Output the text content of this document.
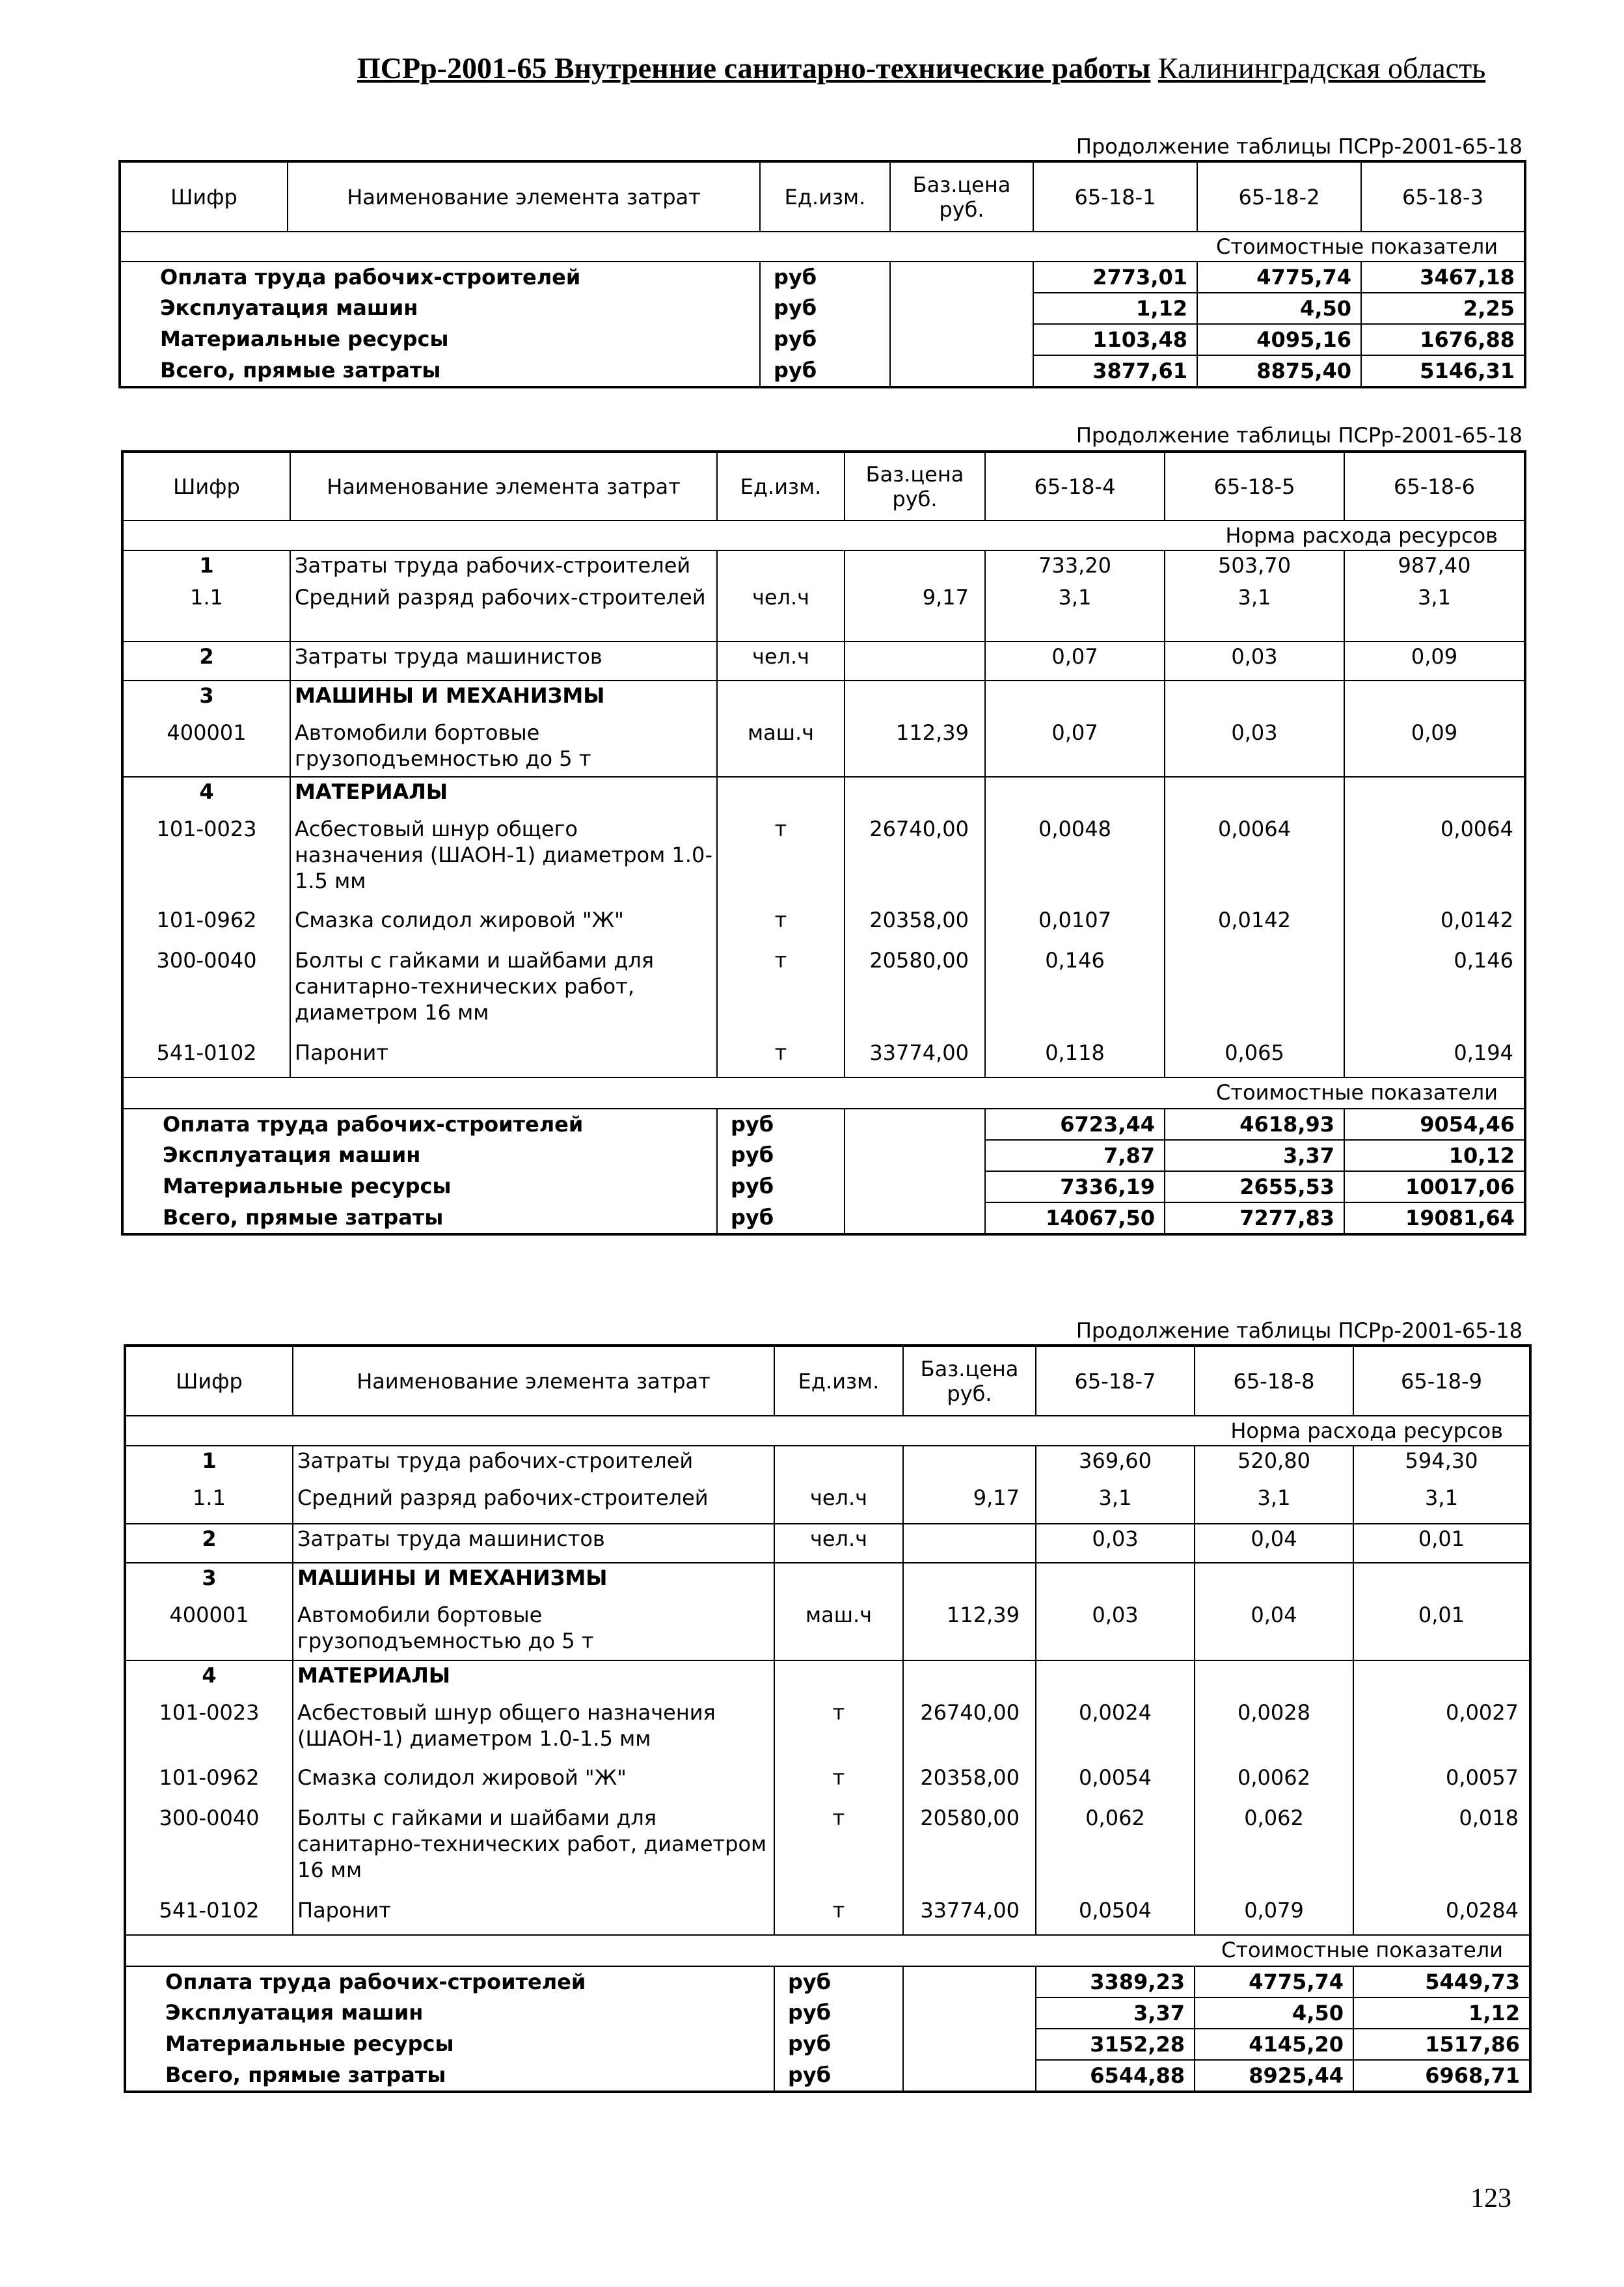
ПСРр-2001-65 Внутренние санитарно-технические работы Калининградская область
Продолжение таблицы ПСРр-2001-65-18
Шифр	Наименование элемента затрат	Ед.изм.	Баз.цена руб.	65-18-1	65-18-2	65-18-3
Стоимостные показатели						
Оплата труда рабочих-строителей		руб		2773,01	4775,74	3467,18
Эксплуатация машин		руб		1,12	4,50	2,25
Материальные ресурсы		руб		1103,48	4095,16	1676,88
Всего, прямые затраты		руб		3877,61	8875,40	5146,31
Продолжение таблицы ПСРр-2001-65-18
Шифр	Наименование элемента затрат	Ед.изм.	Баз.цена руб.	65-18-4	65-18-5	65-18-6
Норма расхода ресурсов						
1	Затраты труда рабочих-строителей			733,20	503,70	987,40
1.1	Средний разряд рабочих-строителей	чел.ч	9,17	3,1	3,1	3,1
2	Затраты труда машинистов	чел.ч		0,07	0,03	0,09
3	МАШИНЫ И МЕХАНИЗМЫ					
400001	Автомобили бортовые грузоподъемностью до 5 т	маш.ч	112,39	0,07	0,03	0,09
4	МАТЕРИАЛЫ					
101-0023	Асбестовый шнур общего назначения (ШАОН-1) диаметром 1.0-1.5 мм	т	26740,00	0,0048	0,0064	0,0064
101-0962	Смазка солидол жировой "Ж"	т	20358,00	0,0107	0,0142	0,0142
300-0040	Болты с гайками и шайбами для санитарно-технических работ, диаметром 16 мм	т	20580,00	0,146		0,146
541-0102	Паронит	т	33774,00	0,118	0,065	0,194
Стоимостные показатели						
Оплата труда рабочих-строителей		руб		6723,44	4618,93	9054,46
Эксплуатация машин		руб		7,87	3,37	10,12
Материальные ресурсы		руб		7336,19	2655,53	10017,06
Всего, прямые затраты		руб		14067,50	7277,83	19081,64
Продолжение таблицы ПСРр-2001-65-18
Шифр	Наименование элемента затрат	Ед.изм.	Баз.цена руб.	65-18-7	65-18-8	65-18-9
Норма расхода ресурсов						
1	Затраты труда рабочих-строителей			369,60	520,80	594,30
1.1	Средний разряд рабочих-строителей	чел.ч	9,17	3,1	3,1	3,1
2	Затраты труда машинистов	чел.ч		0,03	0,04	0,01
3	МАШИНЫ И МЕХАНИЗМЫ					
400001	Автомобили бортовые грузоподъемностью до 5 т	маш.ч	112,39	0,03	0,04	0,01
4	МАТЕРИАЛЫ					
101-0023	Асбестовый шнур общего назначения (ШАОН-1) диаметром 1.0-1.5 мм	т	26740,00	0,0024	0,0028	0,0027
101-0962	Смазка солидол жировой "Ж"	т	20358,00	0,0054	0,0062	0,0057
300-0040	Болты с гайками и шайбами для санитарно-технических работ, диаметром 16 мм	т	20580,00	0,062	0,062	0,018
541-0102	Паронит	т	33774,00	0,0504	0,079	0,0284
Стоимостные показатели						
Оплата труда рабочих-строителей		руб		3389,23	4775,74	5449,73
Эксплуатация машин		руб		3,37	4,50	1,12
Материальные ресурсы		руб		3152,28	4145,20	1517,86
Всего, прямые затраты		руб		6544,88	8925,44	6968,71
123
